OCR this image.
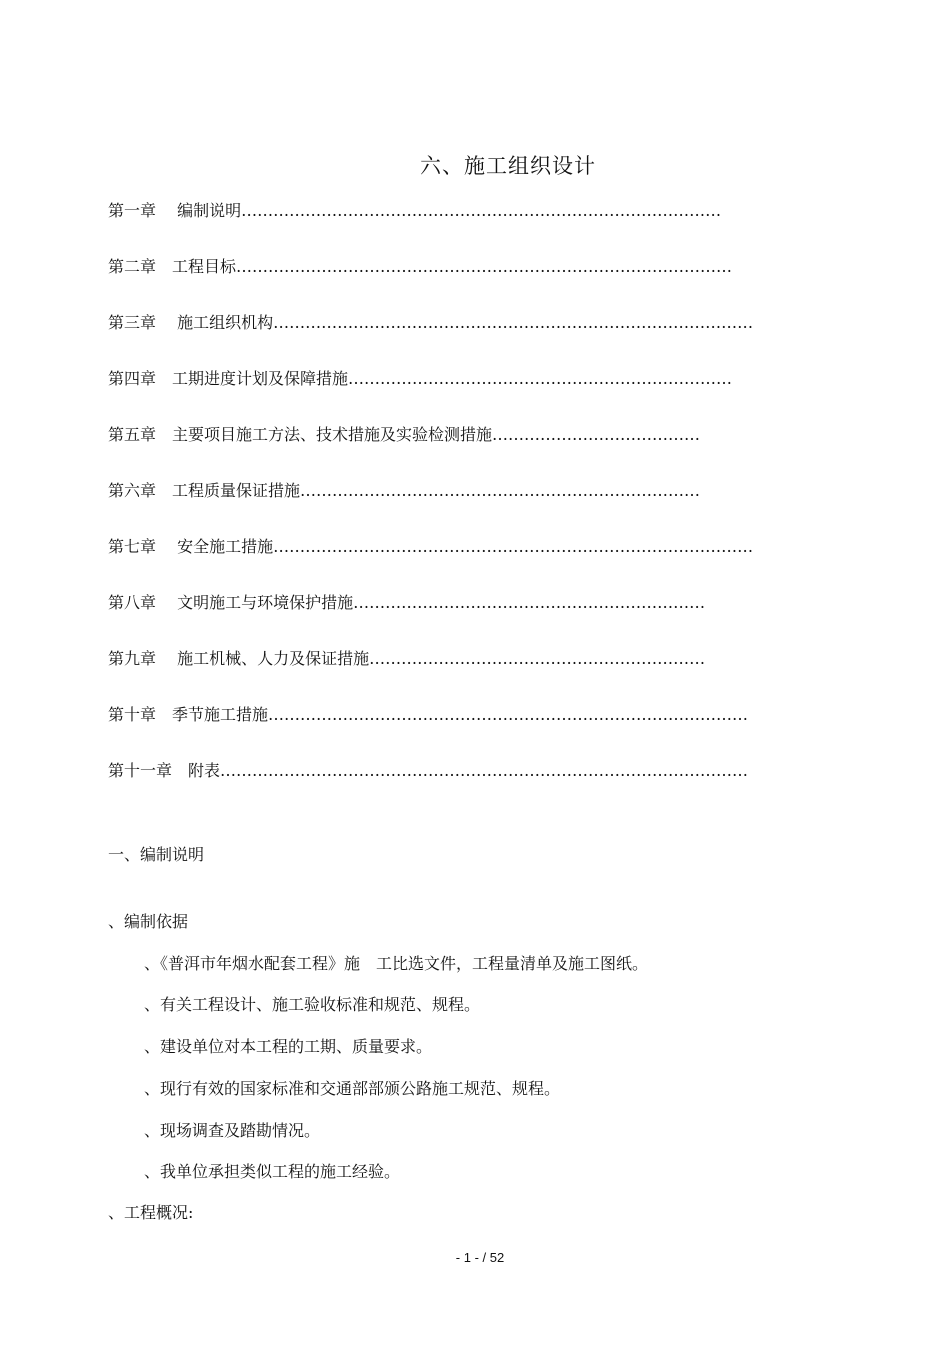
六、施工组织设计
第一章　 编制说明………………………………………………………………………………
第二章　 工程目标…………………………………………………………………………………
第三章　 施工组织机构………………………………………………………………………………
第四章　 工期进度计划及保障措施………………………………………………………………
第五章　 主要项目施工方法、技术措施及实验检测措施…………………………………
第六章　 工程质量保证措施…………………………………………………………………
第七章　 安全施工措施………………………………………………………………………………
第八章　 文明施工与环境保护措施…………………………………………………………
第九章　 施工机械、人力及保证措施………………………………………………………
第十章　 季节施工措施………………………………………………………………………………
第十一章　 附表………………………………………………………………………………………
一、编制说明
、编制依据
、《普洱市年烟水配套工程》施　工比选文件，工程量清单及施工图纸。
、有关工程设计、施工验收标准和规范、规程。
、建设单位对本工程的工期、质量要求。
、现行有效的国家标准和交通部部颁公路施工规范、规程。
、现场调查及踏勘情况。
、我单位承担类似工程的施工经验。
、工程概况:
- 1 - / 52
